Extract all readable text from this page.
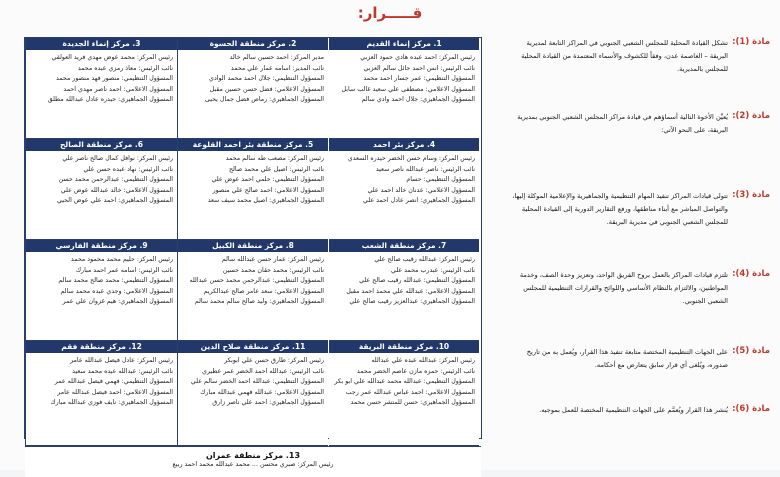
قـــــرار:
1. مركز إنماء القديم
رئيس المركز: احمد عبده هادي حمود العزبي
نائب الرئيس: انس احمد حائل سالم العزبي
المسؤول التنظيمي: عمر جسار احمد محمد
المسؤول الاعلامي: مصطفى علي سعيد غالب سابل
المسؤول الجماهيري: جلال احمد وادي سالم
2. مركز منطقة الحسوة
مدير المركز: احمد حسين سالم خالد
نائب المدير: اسامه عمار علي محمد
المسؤول التنظيمي: جلال احمد محمد الوادي
المسؤول الاعلامي: فضل حسن حسين مقبل
المسؤول الجماهيري: رماص فضل جمال يحيى
3. مركز إنماء الجديدة
رئيس المركز: محمد عوض مهدي فريد العولقي
نائب الرئيس: معاذ رمزي عبده محمد
المسؤول التنظيمي: منصور فهد منصور محمد
المسؤول الاعلامي: احمد ناصر مهدي احمد
المسؤول الجماهيري: حيدره عادل عبدالله مطلق
4. مركز بئر احمد
رئيس المركز: وسام حسن الخضر حيدره السعدي
نائب الرئيس: ناصر عبدالله ناصر سعيد
المسؤول التنظيمي: حسام
المسؤول الاعلامي: عدنان خالد احمد علي
المسؤول الجماهيري: انصر عادل احمد علي
5. مركز منطقة بئر احمد القلوعة
رئيس المركز: مصعب طه سالم محمد
نائب الرئيس: اصيل علي محمد صالح
المسؤول التنظيمي: حلمي احمد عوض علي
المسؤول الاعلامي: احمد صالح علي منصور
المسؤول الجماهيري: اصيل محمد سيف سعد
6. مركز منطقة الصالح
رئيس المركز: نوافل كمال صالح ناصر علي
نائب الرئيس: نهاد عبده حسن علي
المسؤول التنظيمي: عبدالرحمن محمد حسن
المسؤول الاعلامي: خالد عبدالله عوض علي
المسؤول الجماهيري: احمد علي عوض الحيي
7. مركز منطقة الشعب
رئيس المركز: عبدالله رقيب صالح علي
نائب الرئيس: عبدرب محمد علي
المسؤول التنظيمي: عبدالله رقيب صالح علي
المسؤول الاعلامي: عبدالله علي محمد احمد مقبل
المسؤول الجماهيري: عبدالعزيز رقيب صالح علي
8. مركز منطقة الكبيل
رئيس المركز: عمار حسن عبدالله سالم
نائب الرئيس: محمد حقان محمد حسين
المسؤول التنظيمي: عبدالرحمن محمد حسن عبدالله
المسؤول الاعلامي: سعد عامر صالح عبدالكريم
المسؤول الجماهيري: وليد صالح سالم محمد سالم
9. مركز منطقة الفارسي
رئيس المركز: حليم محمد محمود محمد
نائب الرئيس: اسامه عمر احمد مبارك
المسؤول التنظيمي: محمد صالح محمد سالم
المسؤول الاعلامي: وجدي عبده محمد سالم
المسؤول الجماهيري: هيم غزوان علي عمر
10. مركز منطقة البريقة
رئيس المركز: عبدالله عبده علي عبدالله
نائب الرئيس: حمزه مازن عاصم الخضر محمد
المسؤول التنظيمي: عبدالله محمد عبدالله علي ابو بكر
المسؤول الاعلامي: احمد عباس عبدالله عمر رجب
المسؤول الجماهيري: حسن للمتشر حسن محمد
11. مركز منطقة صلاح الدين
رئيس المركز: طارق حسن علي ابوبكر
نائب الرئيس: عبدالله احمد الخضر عمر عطيري
المسؤول التنظيمي: عبدالله احمد الخضر سالم علي
المسؤول الاعلامي: عبدالله فهمي عبدالله مبارك
المسؤول الجماهيري: احمد علي ناصر زارق
12. مركز منطقة فقم
رئيس المركز: عادل فيصل عبدالله عامر
نائب الرئيس: عبدالله عبده محمد سعيد
المسؤول التنظيمي: فهمي فيصل عبدالله عمر
المسؤول الاعلامي: احمد فيصل عبدالله عامر
المسؤول الجماهيري: نايف فوزي عبدالله مبارك
13. مركز منطقة عمران
رئيس المركز: صبري محسن ... محمد عبدالله محمد احمد ربيع
مادة (1):
تشكل القيادة المحلية للمجلس الشعبي الجنوبي في المراكز التابعة لمديرية
البريقة – العاصمة عدن، وفقاً للكشوف والأسماء المعتمدة من القيادة المحلية
للمجلس بالمديرية.
مادة (2):
يُعيَّن الأخوة التالية أسماؤهم في قيادة مراكز المجلس الشعبي الجنوبي بمديرية
البريقة، على النحو الآتي:
مادة (3):
تتولى قيادات المراكز تنفيذ المهام التنظيمية والجماهيرية والإعلامية الموكلة إليها،
والتواصل المباشر مع أبناء مناطقها، ورفع التقارير الدورية إلى القيادة المحلية
للمجلس الشعبي الجنوبي في مديرية البريقة.
مادة (4):
تلتزم قيادات المراكز بالعمل بروح الفريق الواحد، وتعزيز وحدة الصف، وخدمة
المواطنين، والالتزام بالنظام الأساسي واللوائح والقرارات التنظيمية للمجلس
الشعبي الجنوبي.
مادة (5):
على الجهات التنظيمية المختصة متابعة تنفيذ هذا القرار، ويُعمل به من تاريخ
صدوره، ويُلغى أي قرار سابق يتعارض مع أحكامه.
مادة (6):
يُنشر هذا القرار ويُعمَّم على الجهات التنظيمية المختصة للعمل بموجبه.
